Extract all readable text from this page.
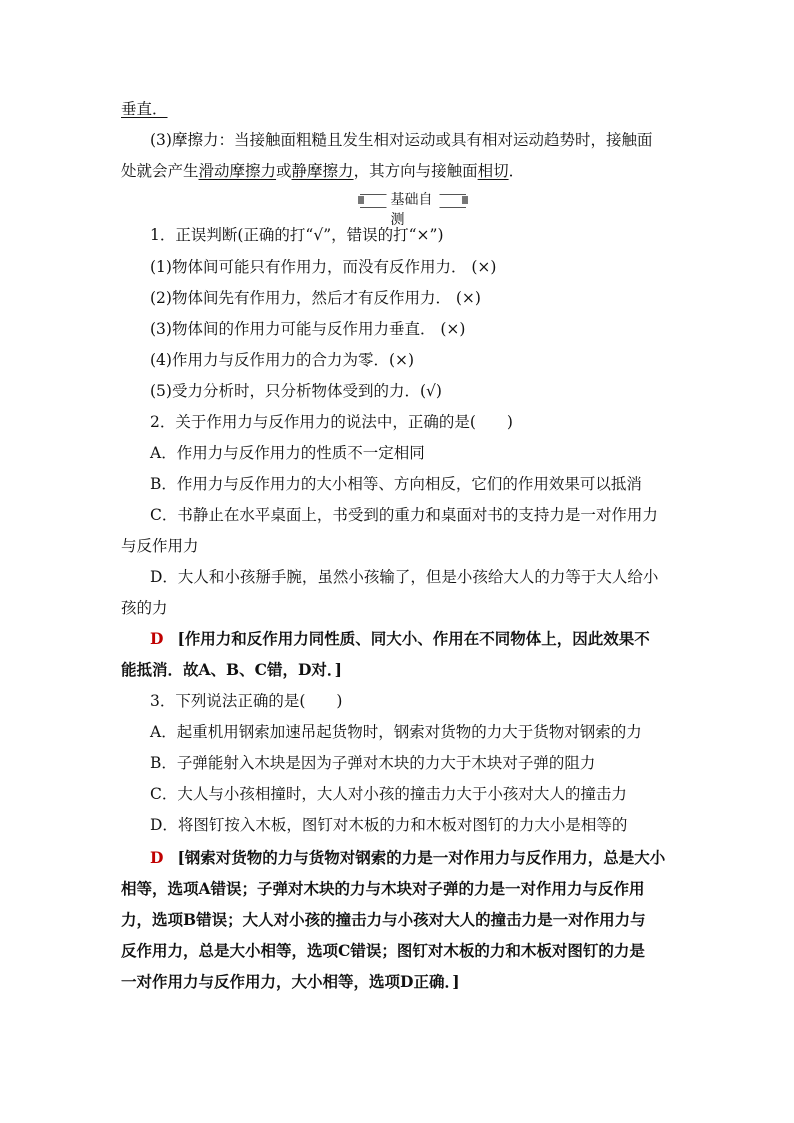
垂直．
(3)摩擦力：当接触面粗糙且发生相对运动或具有相对运动趋势时，接触面
处就会产生滑动摩擦力或静摩擦力，其方向与接触面相切．
基础自测
1．正误判断(正确的打“√”，错误的打“×”)
(1)物体间可能只有作用力，而没有反作用力． (×)
(2)物体间先有作用力，然后才有反作用力． (×)
(3)物体间的作用力可能与反作用力垂直． (×)
(4)作用力与反作用力的合力为零．(×)
(5)受力分析时，只分析物体受到的力．(√)
2．关于作用力与反作用力的说法中，正确的是(　　)
A．作用力与反作用力的性质不一定相同
B．作用力与反作用力的大小相等、方向相反，它们的作用效果可以抵消
C．书静止在水平桌面上，书受到的重力和桌面对书的支持力是一对作用力
与反作用力
D．大人和小孩掰手腕，虽然小孩输了，但是小孩给大人的力等于大人给小
孩的力
D [作用力和反作用力同性质、同大小、作用在不同物体上，因此效果不
能抵消．故A、B、C错，D对．]
3．下列说法正确的是(　　)
A．起重机用钢索加速吊起货物时，钢索对货物的力大于货物对钢索的力
B．子弹能射入木块是因为子弹对木块的力大于木块对子弹的阻力
C．大人与小孩相撞时，大人对小孩的撞击力大于小孩对大人的撞击力
D．将图钉按入木板，图钉对木板的力和木板对图钉的力大小是相等的
D [钢索对货物的力与货物对钢索的力是一对作用力与反作用力，总是大小
相等，选项A错误；子弹对木块的力与木块对子弹的力是一对作用力与反作用
力，选项B错误；大人对小孩的撞击力与小孩对大人的撞击力是一对作用力与
反作用力，总是大小相等，选项C错误；图钉对木板的力和木板对图钉的力是
一对作用力与反作用力，大小相等，选项D正确．]
